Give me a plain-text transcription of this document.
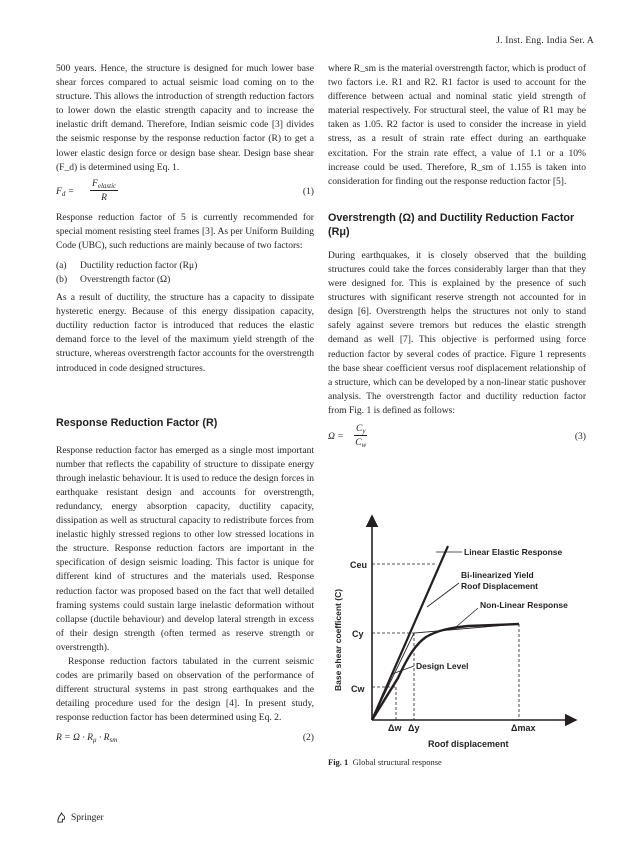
J. Inst. Eng. India Ser. A

500 years. Hence, the structure is designed for much lower base shear forces compared to actual seismic load coming on to the structure. This allows the introduction of strength reduction factors to lower down the elastic strength capacity and to increase the inelastic drift demand. Therefore, Indian seismic code [3] divides the seismic response by the response reduction factor (R) to get a lower elastic design force or design base shear. Design base shear (F_d) is determined using Eq. 1.

$F_d$ =
$F_{elastic}$
R
(1)

Response reduction factor of 5 is currently recommended for special moment resisting steel frames [3]. As per Uniform Building Code (UBC), such reductions are mainly because of two factors:

(a)	Ductility reduction factor (Rμ)
(b)	Overstrength factor (Ω)

As a result of ductility, the structure has a capacity to dissipate hysteretic energy. Because of this energy dissipation capacity, ductility reduction factor is introduced that reduces the elastic demand force to the level of the maximum yield strength of the structure, whereas overstrength factor accounts for the overstrength introduced in code designed structures.

Response Reduction Factor (R)

Response reduction factor has emerged as a single most important number that reflects the capability of structure to dissipate energy through inelastic behaviour. It is used to reduce the design forces in earthquake resistant design and accounts for overstrength, redundancy, energy absorption capacity, ductility capacity, dissipation as well as structural capacity to redistribute forces from inelastic highly stressed regions to other low stressed locations in the structure. Response reduction factors are important in the specification of design seismic loading. This factor is unique for different kind of structures and the materials used. Response reduction factor was proposed based on the fact that well detailed framing systems could sustain large inelastic deformation without collapse (ductile behaviour) and develop lateral strength in excess of their design strength (often termed as reserve strength or overstrength).

Response reduction factors tabulated in the current seismic codes are primarily based on observation of the performance of different structural systems in past strong earthquakes and the detailing procedure used for the design [4]. In present study, response reduction factor has been determined using Eq. 2.

$R = \Omega \cdot R_\mu \cdot R_{sm}$	(2)

where R_sm is the material overstrength factor, which is product of two factors i.e. R1 and R2. R1 factor is used to account for the difference between actual and nominal static yield strength of material respectively. For structural steel, the value of R1 may be taken as 1.05. R2 factor is used to consider the increase in yield stress, as a result of strain rate effect during an earthquake excitation. For the strain rate effect, a value of 1.1 or a 10% increase could be used. Therefore, R_sm of 1.155 is taken into consideration for finding out the response reduction factor [5].

Overstrength (Ω) and Ductility Reduction Factor (Rμ)

During earthquakes, it is closely observed that the building structures could take the forces considerably larger than that they were designed for. This is explained by the presence of such structures with significant reserve strength not accounted for in design [6]. Overstrength helps the structures not only to stand safely against severe tremors but reduces the elastic strength demand as well [7]. This objective is performed using force reduction factor by several codes of practice. Figure 1 represents the base shear coefficient versus roof displacement relationship of a structure, which can be developed by a non-linear static pushover analysis. The overstrength factor and ductility reduction factor from Fig. 1 is defined as follows:

$\Omega = \frac{C_y}{C_w}$	(3)
Ceu
Cy
Cw
Δw Δy	Δmax
Roof displacement
Base shear coefficent (C)
Linear Elastic Response
Bi-linearized Yield
Roof Displacement
Non-Linear Response
Design Level
Fig. 1 Global structural response
Springer
